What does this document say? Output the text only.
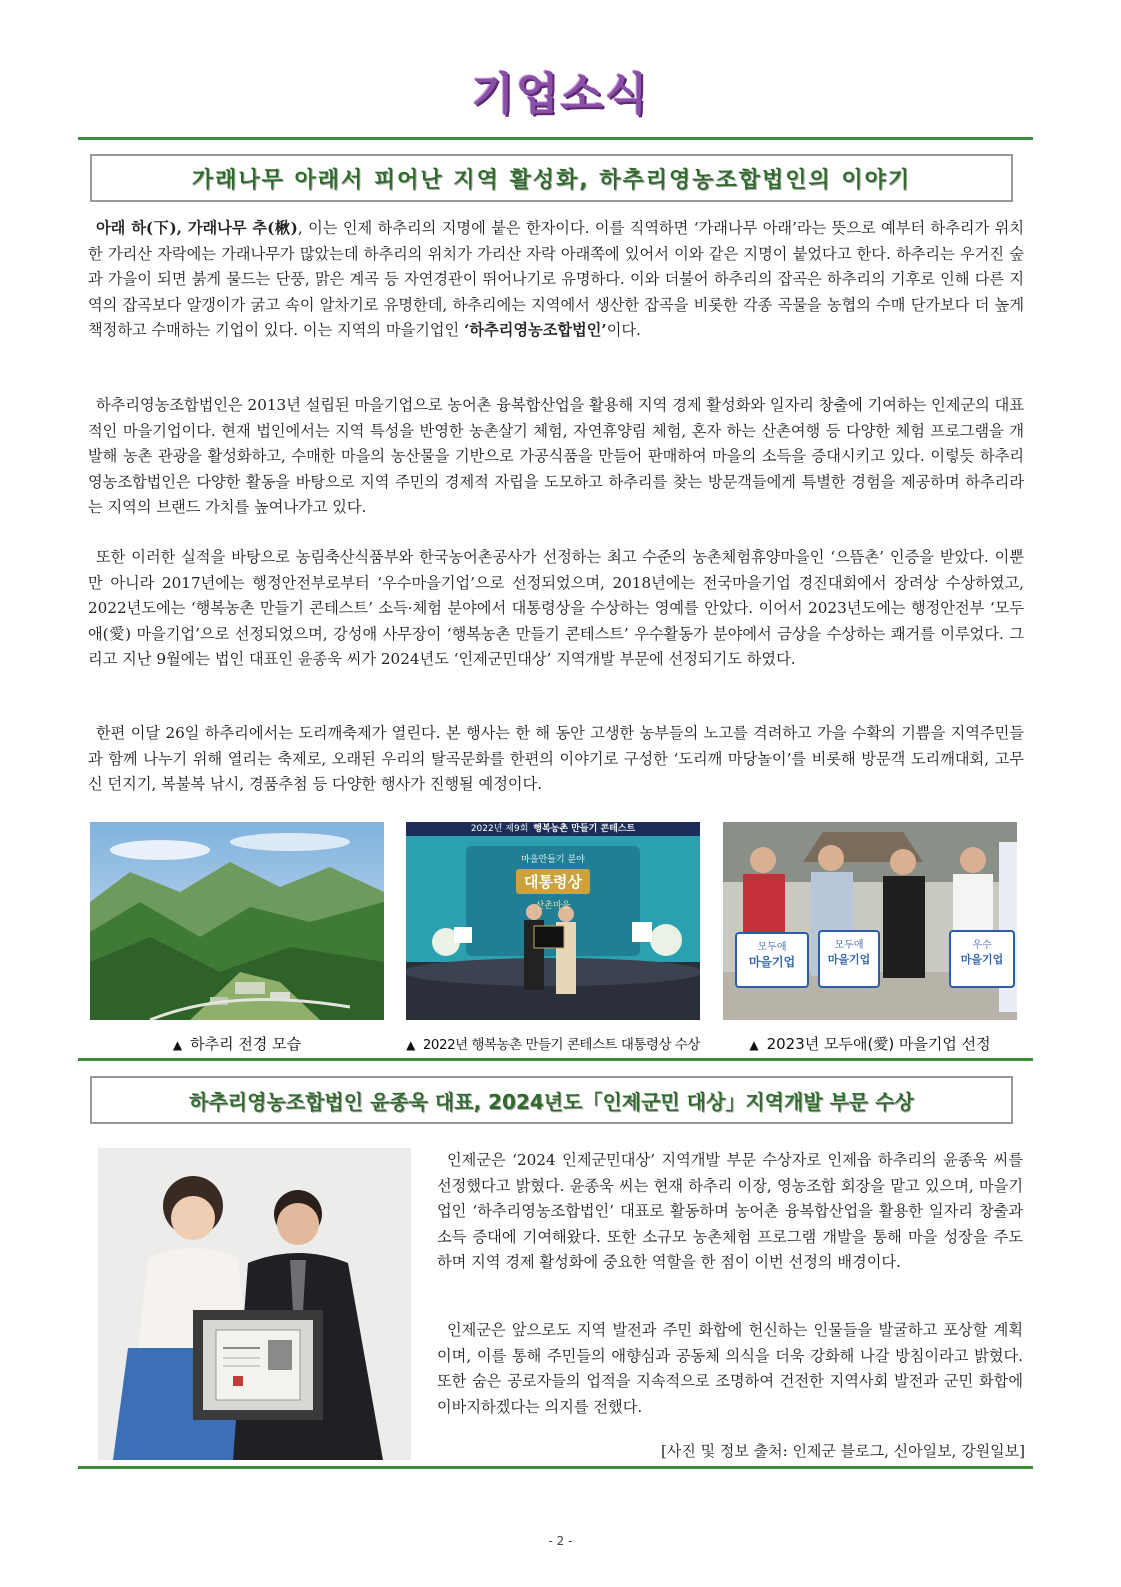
기업소식
가래나무 아래서 피어난 지역 활성화, 하추리영농조합법인의 이야기

아래 하(下), 가래나무 추(楸), 이는 인제 하추리의 지명에 붙은 한자이다. 이를 직역하면 ‘가래나무 아래’라는 뜻으로 예부터 하추리가 위치한 가리산 자락에는 가래나무가 많았는데 하추리의 위치가 가리산 자락 아래쪽에 있어서 이와 같은 지명이 붙었다고 한다. 하추리는 우거진 숲과 가을이 되면 붉게 물드는 단풍, 맑은 계곡 등 자연경관이 뛰어나기로 유명하다. 이와 더불어 하추리의 잡곡은 하추리의 기후로 인해 다른 지역의 잡곡보다 알갱이가 굵고 속이 알차기로 유명한데, 하추리에는 지역에서 생산한 잡곡을 비롯한 각종 곡물을 농협의 수매 단가보다 더 높게 책정하고 수매하는 기업이 있다. 이는 지역의 마을기업인 ‘하추리영농조합법인’이다.

하추리영농조합법인은 2013년 설립된 마을기업으로 농어촌 융복합산업을 활용해 지역 경제 활성화와 일자리 창출에 기여하는 인제군의 대표적인 마을기업이다. 현재 법인에서는 지역 특성을 반영한 농촌살기 체험, 자연휴양림 체험, 혼자 하는 산촌여행 등 다양한 체험 프로그램을 개발해 농촌 관광을 활성화하고, 수매한 마을의 농산물을 기반으로 가공식품을 만들어 판매하여 마을의 소득을 증대시키고 있다. 이렇듯 하추리영농조합법인은 다양한 활동을 바탕으로 지역 주민의 경제적 자립을 도모하고 하추리를 찾는 방문객들에게 특별한 경험을 제공하며 하추리라는 지역의 브랜드 가치를 높여나가고 있다.

또한 이러한 실적을 바탕으로 농림축산식품부와 한국농어촌공사가 선정하는 최고 수준의 농촌체험휴양마을인 ‘으뜸촌’ 인증을 받았다. 이뿐만 아니라 2017년에는 행정안전부로부터 ‘우수마을기업’으로 선정되었으며, 2018년에는 전국마을기업 경진대회에서 장려상 수상하였고, 2022년도에는 ‘행복농촌 만들기 콘테스트’ 소득·체험 분야에서 대통령상을 수상하는 영예를 안았다. 이어서 2023년도에는 행정안전부 ‘모두애(愛) 마을기업’으로 선정되었으며, 강성애 사무장이 ‘행복농촌 만들기 콘테스트’ 우수활동가 분야에서 금상을 수상하는 쾌거를 이루었다. 그리고 지난 9월에는 법인 대표인 윤종욱 씨가 2024년도 ‘인제군민대상’ 지역개발 부문에 선정되기도 하였다.

한편 이달 26일 하추리에서는 도리깨축제가 열린다. 본 행사는 한 해 동안 고생한 농부들의 노고를 격려하고 가을 수확의 기쁨을 지역주민들과 함께 나누기 위해 열리는 축제로, 오래된 우리의 탈곡문화를 한편의 이야기로 구성한 ‘도리깨 마당놀이’를 비롯해 방문객 도리깨대회, 고무신 던지기, 복불복 낚시, 경품추첨 등 다양한 행사가 진행될 예정이다.

2022년 제9회 행복농촌 만들기 콘테스트
마을만들기 분야
대통령상
산촌마을
모두애
마을기업
모두애
마을기업
우수
마을기업
▲ 하추리 전경 모습	▲ 2022년 행복농촌 만들기 콘테스트 대통령상 수상	▲ 2023년 모두애(愛) 마을기업 선정
하추리영농조합법인 윤종욱 대표, 2024년도「인제군민 대상」지역개발 부문 수상

인제군은 ‘2024 인제군민대상’ 지역개발 부문 수상자로 인제읍 하추리의 윤종욱 씨를 선정했다고 밝혔다. 윤종욱 씨는 현재 하추리 이장, 영농조합 회장을 맡고 있으며, 마을기업인 ‘하추리영농조합법인’ 대표로 활동하며 농어촌 융복합산업을 활용한 일자리 창출과 소득 증대에 기여해왔다. 또한 소규모 농촌체험 프로그램 개발을 통해 마을 성장을 주도하며 지역 경제 활성화에 중요한 역할을 한 점이 이번 선정의 배경이다.

인제군은 앞으로도 지역 발전과 주민 화합에 헌신하는 인물들을 발굴하고 포상할 계획이며, 이를 통해 주민들의 애향심과 공동체 의식을 더욱 강화해 나갈 방침이라고 밝혔다. 또한 숨은 공로자들의 업적을 지속적으로 조명하여 건전한 지역사회 발전과 군민 화합에 이바지하겠다는 의지를 전했다.

[사진 및 정보 출처: 인제군 블로그, 신아일보, 강원일보]
- 2 -
